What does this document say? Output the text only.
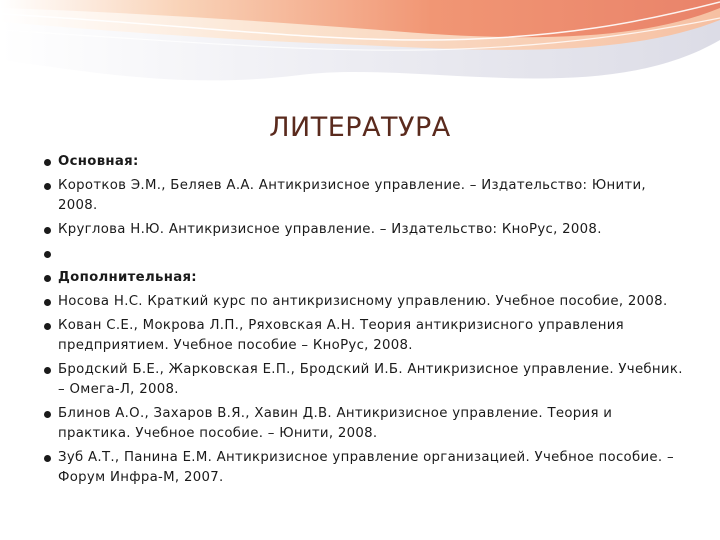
ЛИТЕРАТУРА
Основная:
Коротков Э.М., Беляев А.А. Антикризисное управление. – Издательство: Юнити, 2008.
Круглова Н.Ю. Антикризисное управление. – Издательство: КноРус, 2008.
Дополнительная:
Носова Н.С. Краткий курс по антикризисному управлению. Учебное пособие, 2008.
Кован С.Е., Мокрова Л.П., Ряховская А.Н. Теория антикризисного управления предприятием. Учебное пособие – КноРус, 2008.
Бродский Б.Е., Жарковская Е.П., Бродский И.Б. Антикризисное управление. Учебник. – Омега-Л, 2008.
Блинов А.О., Захаров В.Я., Хавин Д.В. Антикризисное управление. Теория и практика. Учебное пособие. – Юнити, 2008.
Зуб А.Т., Панина Е.М. Антикризисное управление организацией. Учебное пособие. – Форум Инфра-М, 2007.
